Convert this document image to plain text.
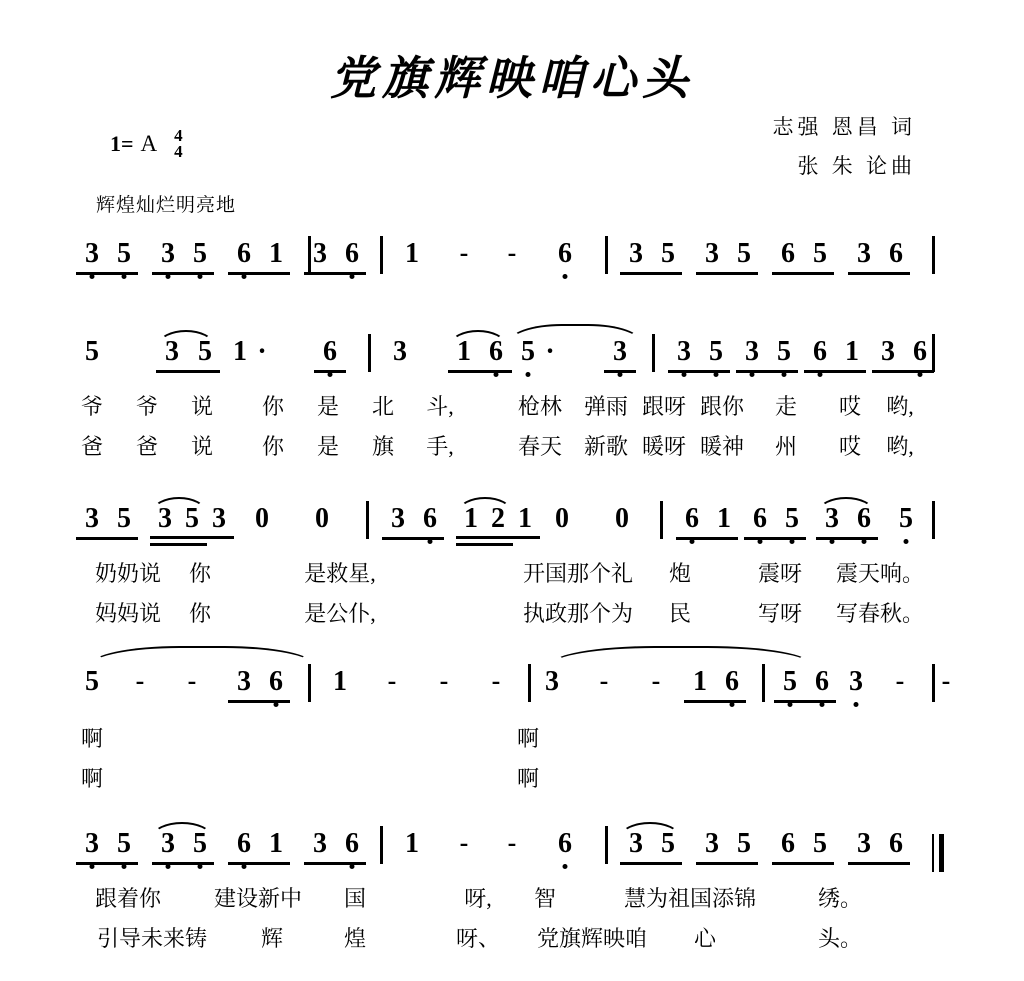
党旗辉映咱心头
志强 恩昌 词
张 朱 论曲
1= A 4
4
辉煌灿烂明亮地
3 5 3 5 6 1 3 6 1 - - 6 3 5 3 5 6 5 3 6
5 3 5 1 · 6 3 1 6 5 · 3 3 5 3 5 6 1 3 6
爷 爷 说 你 是 北 斗,	枪林 弹雨 跟呀 跟你 走 哎 哟,
爸 爸 说 你 是 旗 手,	春天 新歌 暖呀 暖神 州 哎 哟,
3 5 3 5 3 0 0 3 6 1 2 1 0 0 6 1 6 5 3 6 5
奶奶说 你	是救星,	开国那个礼 炮	震呀 震天响。
妈妈说 你	是公仆,	执政那个为 民	写呀 写春秋。
5 - - 3 6 1 - - - 3 - - 1 6 5 6 3 - -
啊	啊
啊	啊
3 5 3 5 6 1 3 6 1 - - 6 3 5 3 5 6 5 3 6
跟着你 建设新中 国	呀, 智	慧为祖国添锦	绣。
引导未来铸 辉	煌	呀、 党旗辉映咱 心	头。
